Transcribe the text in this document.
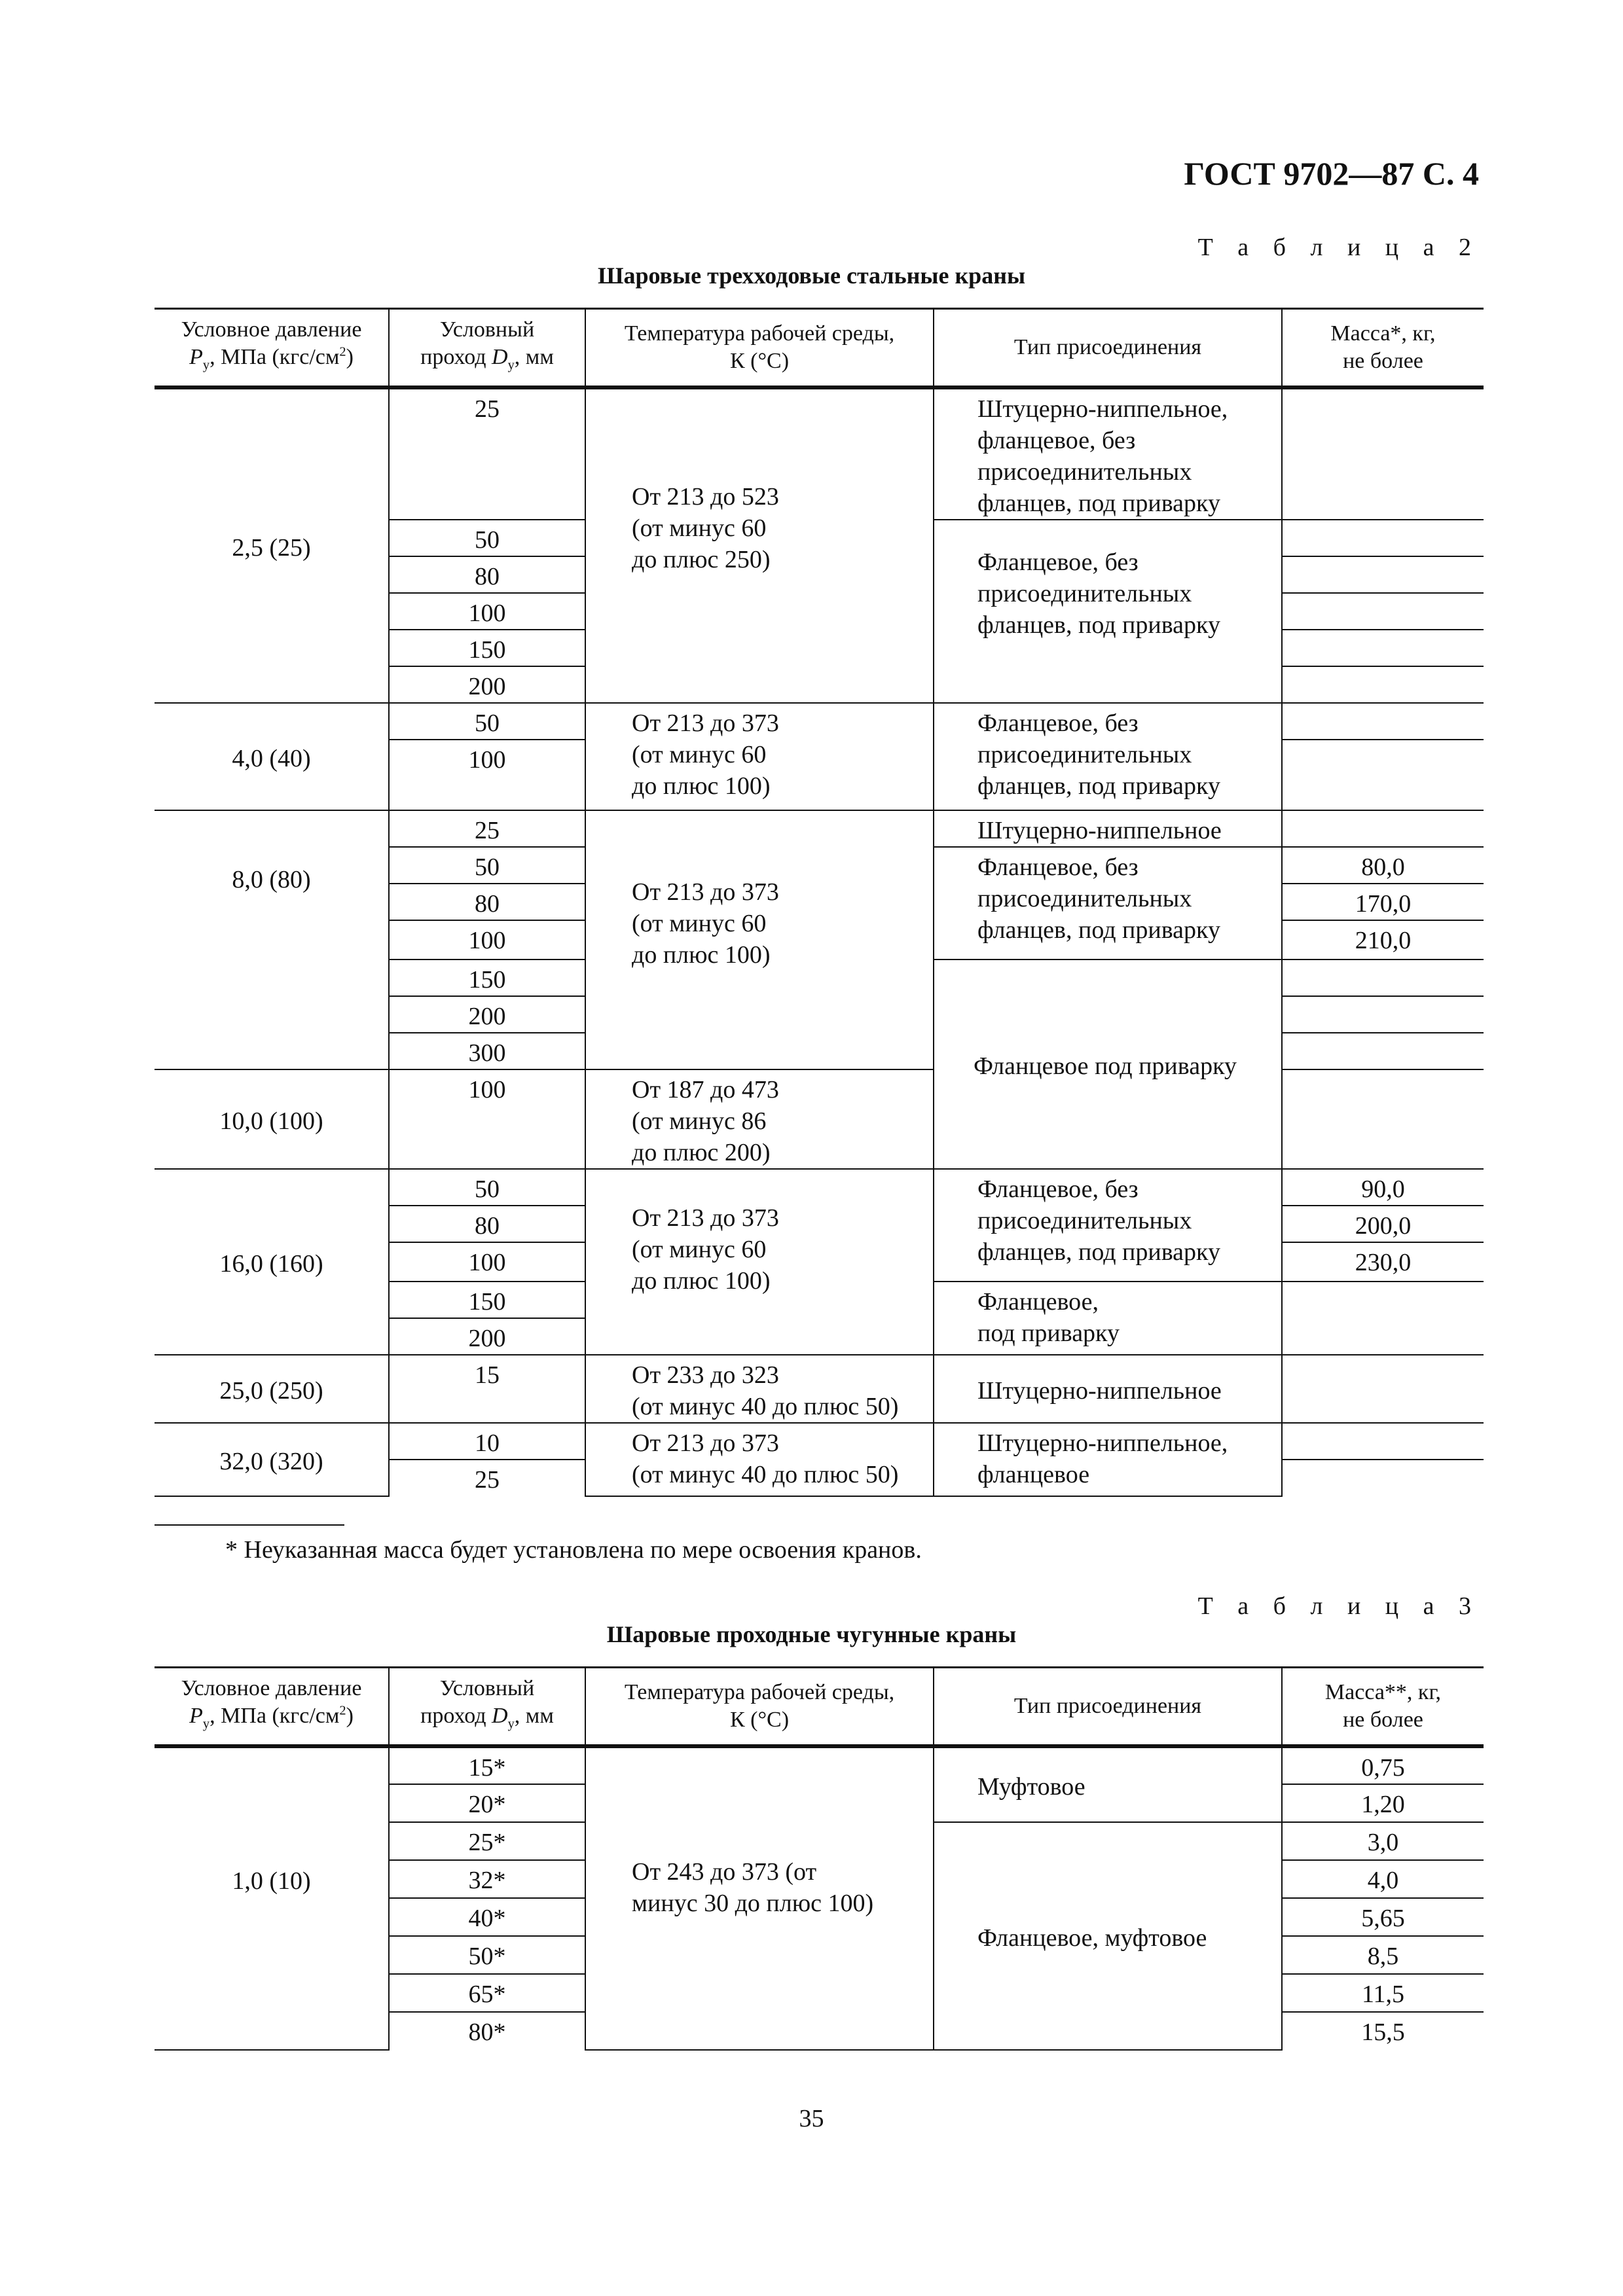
ГОСТ 9702—87 С. 4
Т а б л и ц а 2
Шаровые трехходовые стальные краны
Условное давление
$P_у$, МПа $(кгс/см^2)$	Условный
проход $D_у$, мм	Температура рабочей среды,
К (°С)	Тип присоединения	Масса*, кг,
не более
2,5 (25)	25	От 213 до 523
(от минус 60
до плюс 250)	Штуцерно-ниппельное,
фланцевое, без
присоединительных
фланцев, под приварку	
	50		Фланцевое, без
присоединительных
фланцев, под приварку	
	80			
	100			
	150			
	200			
4,0 (40)	50	От 213 до 373
(от минус 60
до плюс 100)	Фланцевое, без
присоединительных
фланцев, под приварку	
	100			
8,0 (80)	25	От 213 до 373
(от минус 60
до плюс 100)	Штуцерно-ниппельное	
	50		Фланцевое, без
присоединительных
фланцев, под приварку	80,0
	80			170,0
	100			210,0
	150		Фланцевое под приварку	
	200			
	300			
10,0 (100)	100	От 187 до 473
(от минус 86
до плюс 200)		
16,0 (160)	50	От 213 до 373
(от минус 60
до плюс 100)	Фланцевое, без
присоединительных
фланцев, под приварку	90,0
	80			200,0
	100			230,0
	150		Фланцевое,
под приварку	
	200			
25,0 (250)	15	От 233 до 323
(от минус 40 до плюс 50)	Штуцерно-ниппельное	
32,0 (320)	10	От 213 до 373
(от минус 40 до плюс 50)	Штуцерно-ниппельное,
фланцевое	
	25			
* Неуказанная масса будет установлена по мере освоения кранов.
Т а б л и ц а 3
Шаровые проходные чугунные краны
Условное давление
$P_у$, МПа $(кгс/см^2)$	Условный
проход $D_у$, мм	Температура рабочей среды,
К (°С)	Тип присоединения	Масса**, кг,
не более
1,0 (10)	15*	От 243 до 373 (от
минус 30 до плюс 100)	Муфтовое	0,75
	20*			1,20
	25*		Фланцевое, муфтовое	3,0
	32*			4,0
	40*			5,65
	50*			8,5
	65*			11,5
	80*			15,5
35
